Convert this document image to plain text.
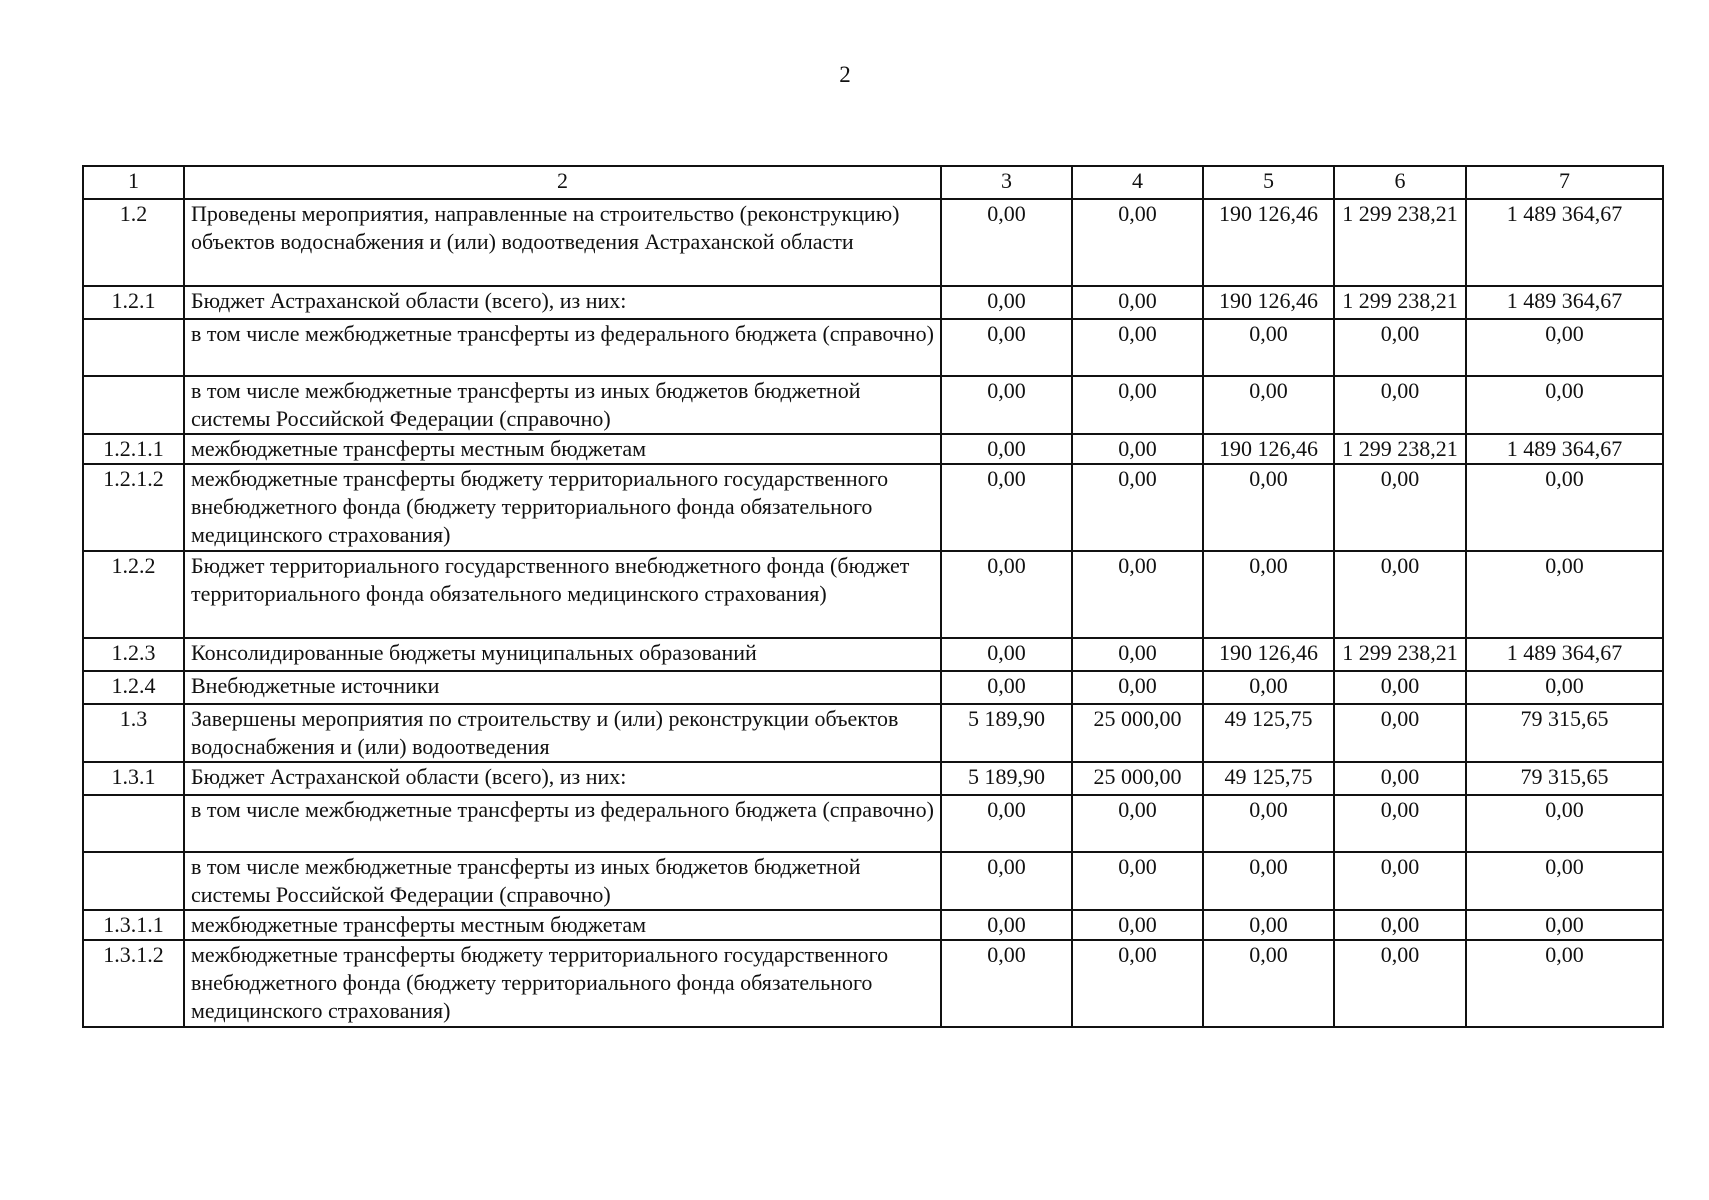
2
1	2	3	4	5	6	7
1.2	Проведены мероприятия, направленные на строительство (реконструкцию) объектов водоснабжения и (или) водоотведения Астраханской области	0,00	0,00	190 126,46	1 299 238,21	1 489 364,67
1.2.1	Бюджет Астраханской области (всего), из них:	0,00	0,00	190 126,46	1 299 238,21	1 489 364,67
	в том числе межбюджетные трансферты из федерального бюджета (справочно)	0,00	0,00	0,00	0,00	0,00
	в том числе межбюджетные трансферты из иных бюджетов бюджетной системы Российской Федерации (справочно)	0,00	0,00	0,00	0,00	0,00
1.2.1.1	межбюджетные трансферты местным бюджетам	0,00	0,00	190 126,46	1 299 238,21	1 489 364,67
1.2.1.2	межбюджетные трансферты бюджету территориального государственного внебюджетного фонда (бюджету территориального фонда обязательного медицинского страхования)	0,00	0,00	0,00	0,00	0,00
1.2.2	Бюджет территориального государственного внебюджетного фонда (бюджет территориального фонда обязательного медицинского страхования)	0,00	0,00	0,00	0,00	0,00
1.2.3	Консолидированные бюджеты муниципальных образований	0,00	0,00	190 126,46	1 299 238,21	1 489 364,67
1.2.4	Внебюджетные источники	0,00	0,00	0,00	0,00	0,00
1.3	Завершены мероприятия по строительству и (или) реконструкции объектов водоснабжения и (или) водоотведения	5 189,90	25 000,00	49 125,75	0,00	79 315,65
1.3.1	Бюджет Астраханской области (всего), из них:	5 189,90	25 000,00	49 125,75	0,00	79 315,65
	в том числе межбюджетные трансферты из федерального бюджета (справочно)	0,00	0,00	0,00	0,00	0,00
	в том числе межбюджетные трансферты из иных бюджетов бюджетной системы Российской Федерации (справочно)	0,00	0,00	0,00	0,00	0,00
1.3.1.1	межбюджетные трансферты местным бюджетам	0,00	0,00	0,00	0,00	0,00
1.3.1.2	межбюджетные трансферты бюджету территориального государственного внебюджетного фонда (бюджету территориального фонда обязательного медицинского страхования)	0,00	0,00	0,00	0,00	0,00
